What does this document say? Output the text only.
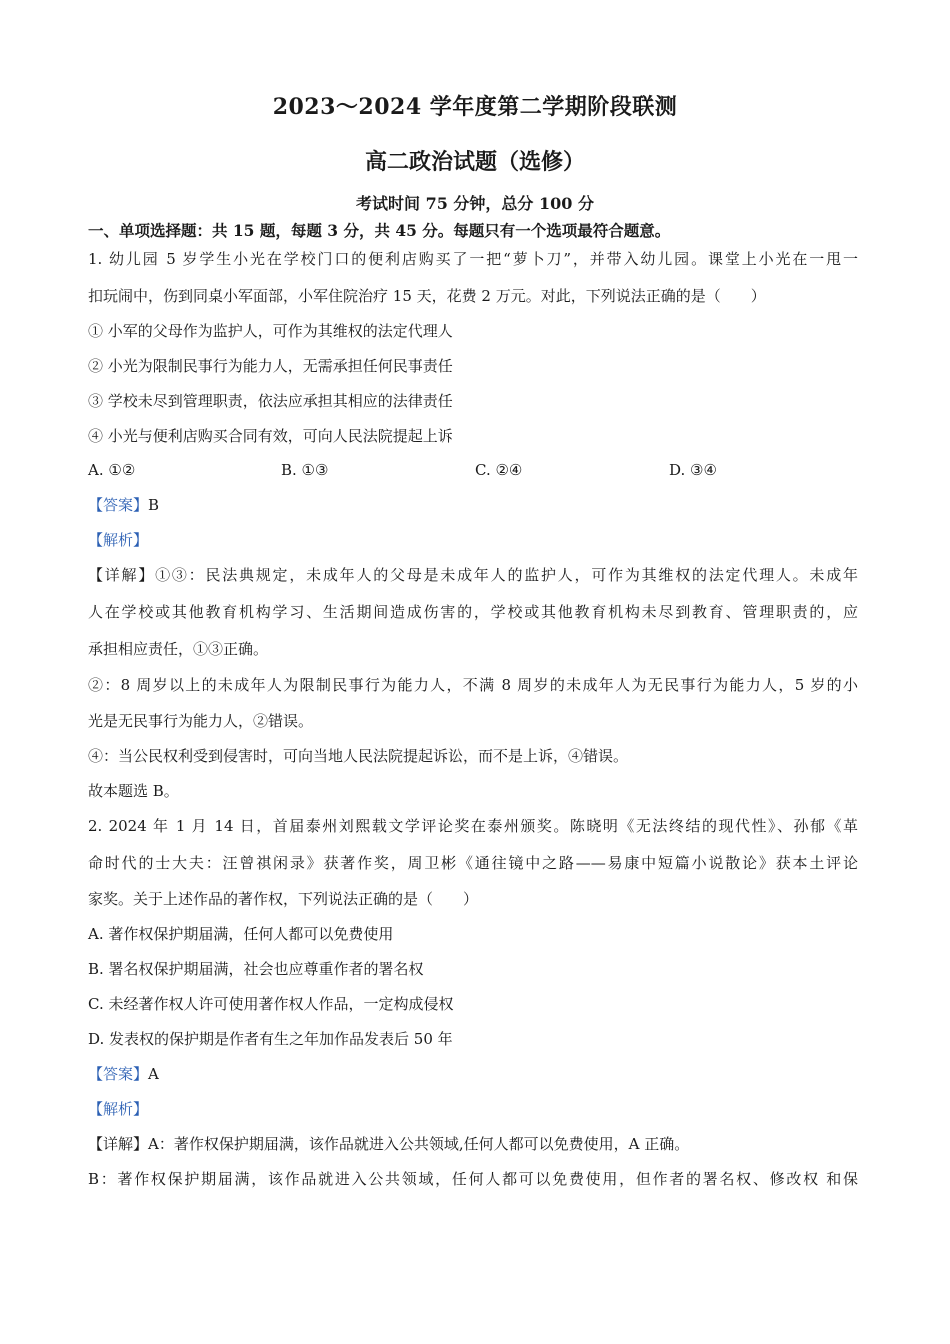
2023～2024 学年度第二学期阶段联测
高二政治试题（选修）
考试时间 75 分钟，总分 100 分
一、单项选择题：共 15 题，每题 3 分，共 45 分。每题只有一个选项最符合题意。
1. 幼儿园 5 岁学生小光在学校门口的便利店购买了一把“萝卜刀”，并带入幼儿园。课堂上小光在一甩一
扣玩闹中，伤到同桌小军面部，小军住院治疗 15 天，花费 2 万元。对此，下列说法正确的是（　　）
① 小军的父母作为监护人，可作为其维权的法定代理人
② 小光为限制民事行为能力人，无需承担任何民事责任
③ 学校未尽到管理职责，依法应承担其相应的法律责任
④ 小光与便利店购买合同有效，可向人民法院提起上诉
A. ①②	B. ①③	C. ②④	D. ③④
【答案】B
【解析】
【详解】①③：民法典规定，未成年人的父母是未成年人的监护人，可作为其维权的法定代理人。未成年
人在学校或其他教育机构学习、生活期间造成伤害的，学校或其他教育机构未尽到教育、管理职责的，应
承担相应责任，①③正确。
②：8 周岁以上的未成年人为限制民事行为能力人，不满 8 周岁的未成年人为无民事行为能力人，5 岁的小
光是无民事行为能力人，②错误。
④：当公民权利受到侵害时，可向当地人民法院提起诉讼，而不是上诉，④错误。
故本题选 B。
2. 2024 年 1 月 14 日，首届泰州刘熙载文学评论奖在泰州颁奖。陈晓明《无法终结的现代性》、孙郁《革
命时代的士大夫：汪曾祺闲录》获著作奖，周卫彬《通往镜中之路——易康中短篇小说散论》获本土评论
家奖。关于上述作品的著作权，下列说法正确的是（　　）
A. 著作权保护期届满，任何人都可以免费使用
B. 署名权保护期届满，社会也应尊重作者的署名权
C. 未经著作权人许可使用著作权人作品，一定构成侵权
D. 发表权的保护期是作者有生之年加作品发表后 50 年
【答案】A
【解析】
【详解】A：著作权保护期届满，该作品就进入公共领域,任何人都可以免费使用，A 正确。
B：著作权保护期届满，该作品就进入公共领域，任何人都可以免费使用，但作者的署名权、修改权 和保
